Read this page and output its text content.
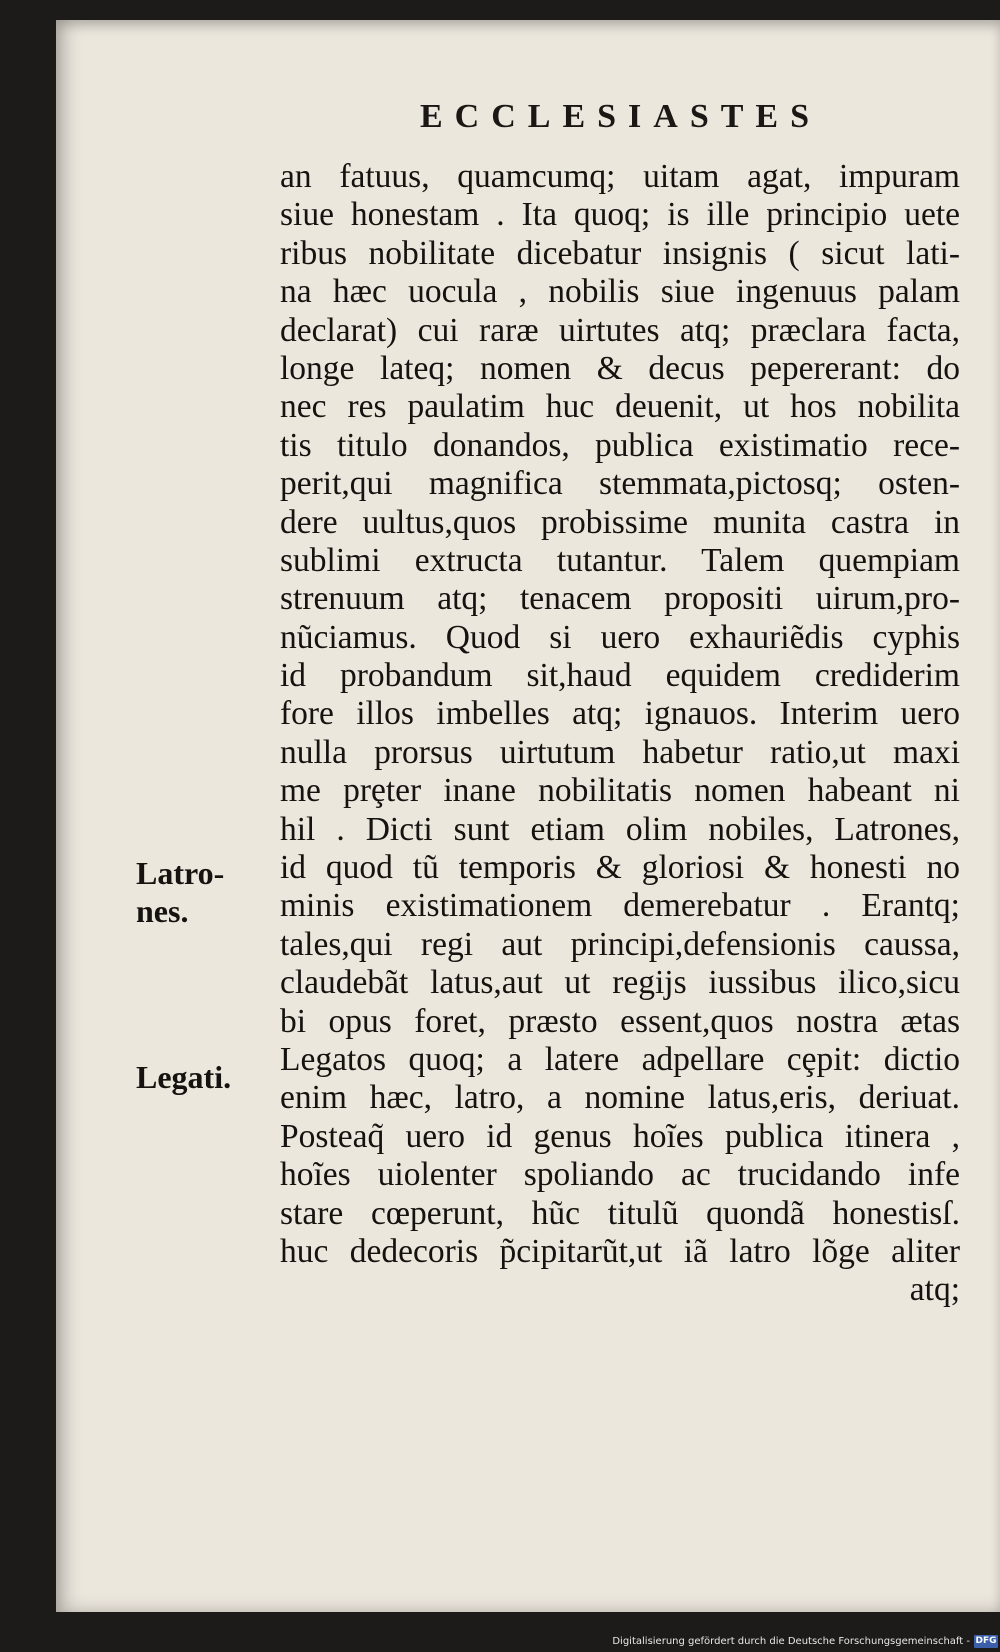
ECCLESIASTES
an fatuus, quamcumq; uitam agat, impuram
siue honestam . Ita quoq; is ille principio uete
ribus nobilitate dicebatur insignis ( sicut lati-
na hæc uocula , nobilis siue ingenuus palam
declarat) cui raræ uirtutes atq; præclara facta,
longe lateq; nomen & decus pepererant: do
nec res paulatim huc deuenit, ut hos nobilita
tis titulo donandos, publica existimatio rece-
perit,qui magnifica stemmata,pictosq; osten-
dere uultus,quos probissime munita castra in
sublimi extructa tutantur. Talem quempiam
strenuum atq; tenacem propositi uirum,pro-
nũciamus. Quod si uero exhauriẽdis cyphis
id probandum sit,haud equidem crediderim
fore illos imbelles atq; ignauos. Interim uero
nulla prorsus uirtutum habetur ratio,ut maxi
me prȩter inane nobilitatis nomen habeant ni
hil . Dicti sunt etiam olim nobiles, Latrones,
id quod tũ temporis & gloriosi & honesti no
minis existimationem demerebatur . Erantq;
tales,qui regi aut principi,defensionis caussa,
claudebãt latus,aut ut regijs iussibus ilico,sicu
bi opus foret, præsto essent,quos nostra ætas
Legatos quoq; a latere adpellare cȩpit: dictio
enim hæc, latro, a nomine latus,eris, deriuat.
Posteaq̃ uero id genus hoĩes publica itinera ,
hoĩes uiolenter spoliando ac trucidando infe
stare cœperunt, hũc titulũ quondã honestisſ.
huc dedecoris p̃cipitarũt,ut iã latro lõge aliter
atq;
Latro-
nes.
Legati.
Digitalisierung gefördert durch die Deutsche Forschungsgemeinschaft - DFG
